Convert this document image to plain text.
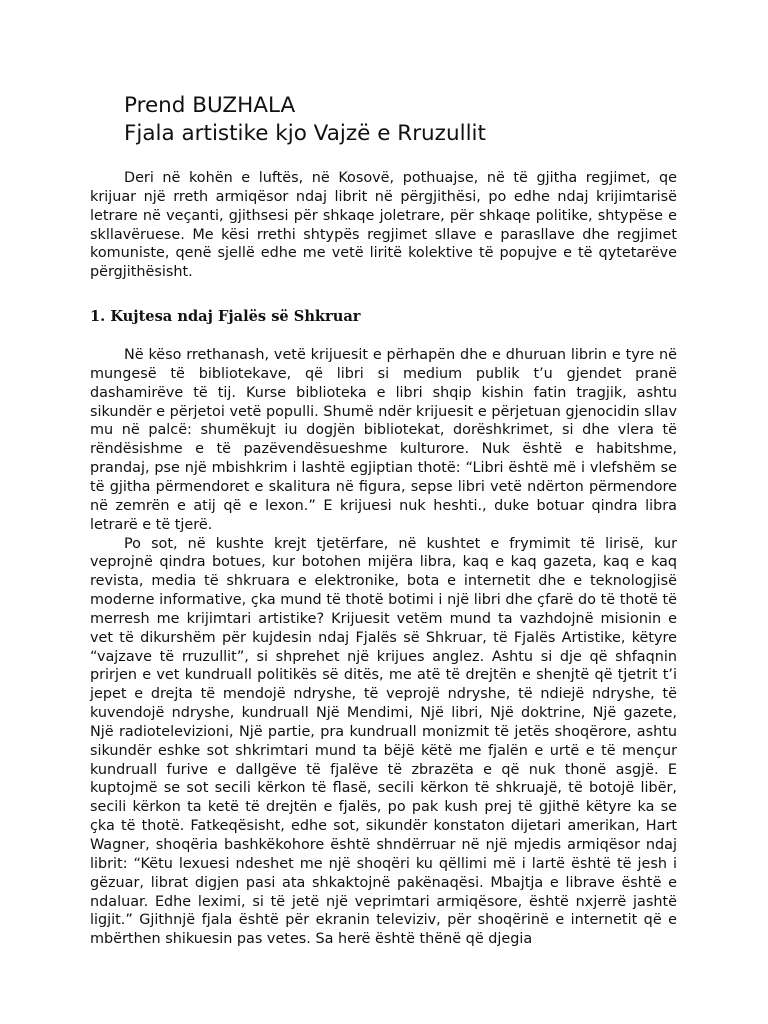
Prend BUZHALA
Fjala artistike kjo Vajzë e Rruzullit

Deri në kohën e luftës, në Kosovë, pothuajse, në të gjitha regjimet, qe krijuar një rreth armiqësor ndaj librit në përgjithësi, po edhe ndaj krijimtarisë letrare në veçanti, gjithsesi për shkaqe joletrare, për shkaqe politike, shtypëse e skllavëruese. Me kësi rrethi shtypës regjimet sllave e parasllave dhe regjimet komuniste, qenë sjellë edhe me vetë liritë kolektive të popujve e të qytetarëve përgjithësisht.

1. Kujtesa ndaj Fjalës së Shkruar

Në këso rrethanash, vetë krijuesit e përhapën dhe e dhuruan librin e tyre në mungesë të bibliotekave, që libri si medium publik t’u gjendet pranë dashamirëve të tij. Kurse biblioteka e libri shqip kishin fatin tragjik, ashtu sikundër e përjetoi vetë populli. Shumë ndër krijuesit e përjetuan gjenocidin sllav mu në palcë: shumëkujt iu dogjën bibliotekat, dorëshkrimet, si dhe vlera të rëndësishme e të pazëvendësueshme kulturore. Nuk është e habitshme, prandaj, pse një mbishkrim i lashtë egjiptian thotë: “Libri është më i vlefshëm se të gjitha përmendoret e skalitura në figura, sepse libri vetë ndërton përmendore në zemrën e atij që e lexon.” E krijuesi nuk heshti., duke botuar qindra libra letrarë e të tjerë.

Po sot, në kushte krejt tjetërfare, në kushtet e frymimit të lirisë, kur veprojnë qindra botues, kur botohen mijëra libra, kaq e kaq gazeta, kaq e kaq revista, media të shkruara e elektronike, bota e internetit dhe e teknologjisë moderne informative, çka mund të thotë botimi i një libri dhe çfarë do të thotë të merresh me krijimtari artistike? Krijuesit vetëm mund ta vazhdojnë misionin e vet të dikurshëm për kujdesin ndaj Fjalës së Shkruar, të Fjalës Artistike, këtyre “vajzave të rruzullit”, si shprehet një krijues anglez. Ashtu si dje që shfaqnin prirjen e vet kundruall politikës së ditës, me atë të drejtën e shenjtë që tjetrit t’i jepet e drejta të mendojë ndryshe, të veprojë ndryshe, të ndiejë ndryshe, të kuvendojë ndryshe, kundruall Një Mendimi, Një libri, Një doktrine, Një gazete, Një radiotelevizioni, Një partie, pra kundruall monizmit të jetës shoqërore, ashtu sikundër eshke sot shkrimtari mund ta bëjë këtë me fjalën e urtë e të mençur kundruall furive e dallgëve të fjalëve të zbrazëta e që nuk thonë asgjë. E kuptojmë se sot secili kërkon të flasë, secili kërkon të shkruajë, të botojë libër, secili kërkon ta ketë të drejtën e fjalës, po pak kush prej të gjithë këtyre ka se çka të thotë. Fatkeqësisht, edhe sot, sikundër konstaton dijetari amerikan, Hart Wagner, shoqëria bashkëkohore është shndërruar në një mjedis armiqësor ndaj librit: “Këtu lexuesi ndeshet me një shoqëri ku qëllimi më i lartë është të jesh i gëzuar, librat digjen pasi ata shkaktojnë pakënaqësi. Mbajtja e librave është e ndaluar. Edhe leximi, si të jetë një veprimtari armiqësore, është nxjerrë jashtë ligjit.” Gjithnjë fjala është për ekranin televiziv, për shoqërinë e internetit që e mbërthen shikuesin pas vetes. Sa herë është thënë që djegia
